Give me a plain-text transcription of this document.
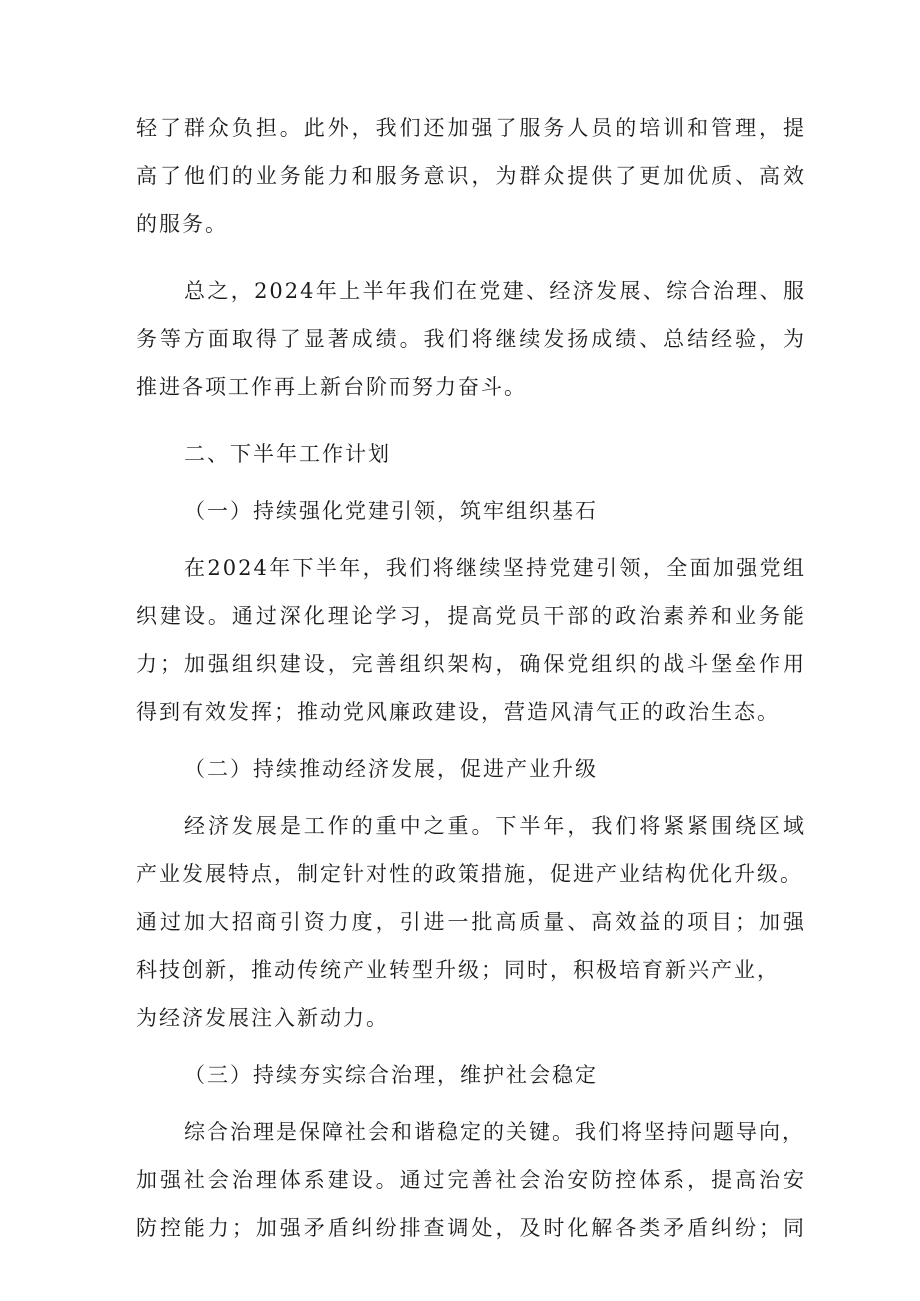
轻了群众负担。此外，我们还加强了服务人员的培训和管理，提
高了他们的业务能力和服务意识，为群众提供了更加优质、高效
的服务。
总之，2024年上半年我们在党建、经济发展、综合治理、服
务等方面取得了显著成绩。我们将继续发扬成绩、总结经验，为
推进各项工作再上新台阶而努力奋斗。
二、下半年工作计划
（一）持续强化党建引领，筑牢组织基石
在2024年下半年，我们将继续坚持党建引领，全面加强党组
织建设。通过深化理论学习，提高党员干部的政治素养和业务能
力；加强组织建设，完善组织架构，确保党组织的战斗堡垒作用
得到有效发挥；推动党风廉政建设，营造风清气正的政治生态。
（二）持续推动经济发展，促进产业升级
经济发展是工作的重中之重。下半年，我们将紧紧围绕区域
产业发展特点，制定针对性的政策措施，促进产业结构优化升级。
通过加大招商引资力度，引进一批高质量、高效益的项目；加强
科技创新，推动传统产业转型升级；同时，积极培育新兴产业，
为经济发展注入新动力。
（三）持续夯实综合治理，维护社会稳定
综合治理是保障社会和谐稳定的关键。我们将坚持问题导向，
加强社会治理体系建设。通过完善社会治安防控体系，提高治安
防控能力；加强矛盾纠纷排查调处，及时化解各类矛盾纠纷；同
